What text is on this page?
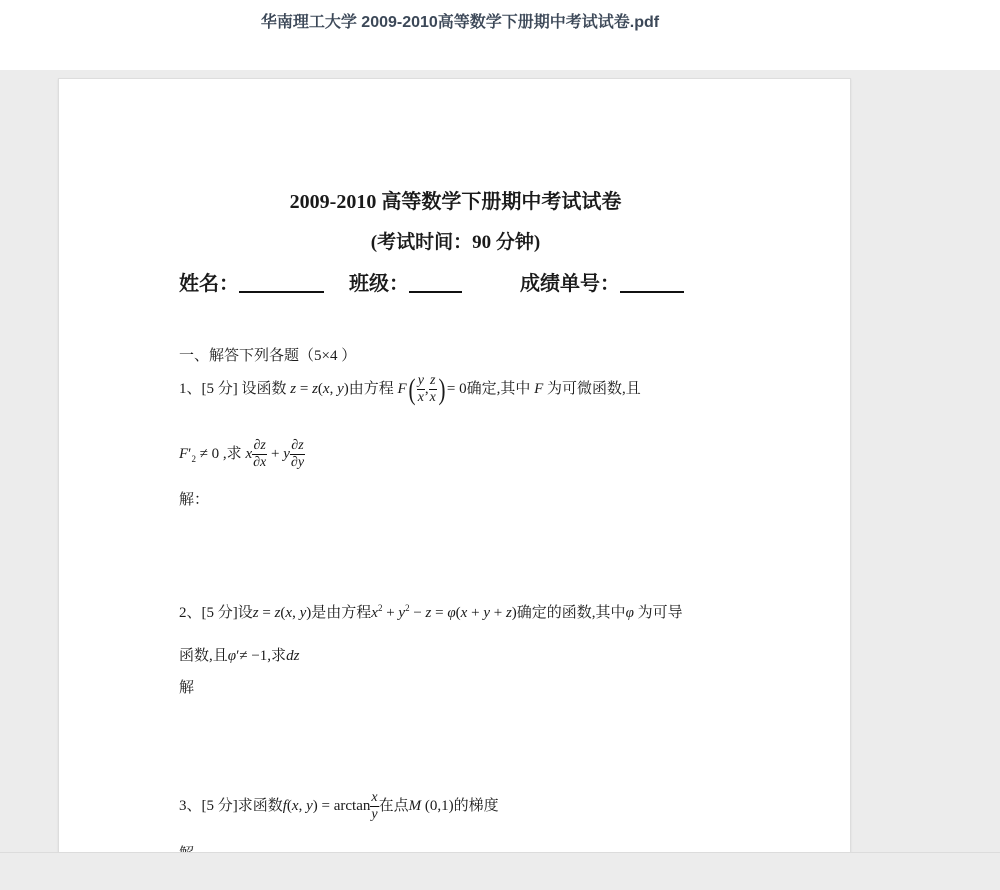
华南理工大学 2009-2010高等数学下册期中考试试卷.pdf
2009-2010 高等数学下册期中考试试卷
(考试时间：90 分钟)
姓名：	班级：	成绩单号：
一、解答下列各题（5×4 ）
1、[5 分] 设函数 z = z(x, y)由方程 $F( \frac{y}{x}$ , $\frac{z}{x}$ ) = 0确定,其中 F 为可微函数,且
$F'_2 \ne 0$ ,求 x $\frac{\partial z}{\partial x} + y \frac{\partial z}{\partial y}$
解：
2、[5 分]设z = z(x, y)是由方程$x^2 + y^2 - z = \varphi(x + y + z)$确定的函数,其中φ 为可导
函数,且φ′≠ −1,求dz
解
3、[5 分]求函数f(x, $y) = \arctan \frac{x}{y}$ 在点M (0,1)的梯度
